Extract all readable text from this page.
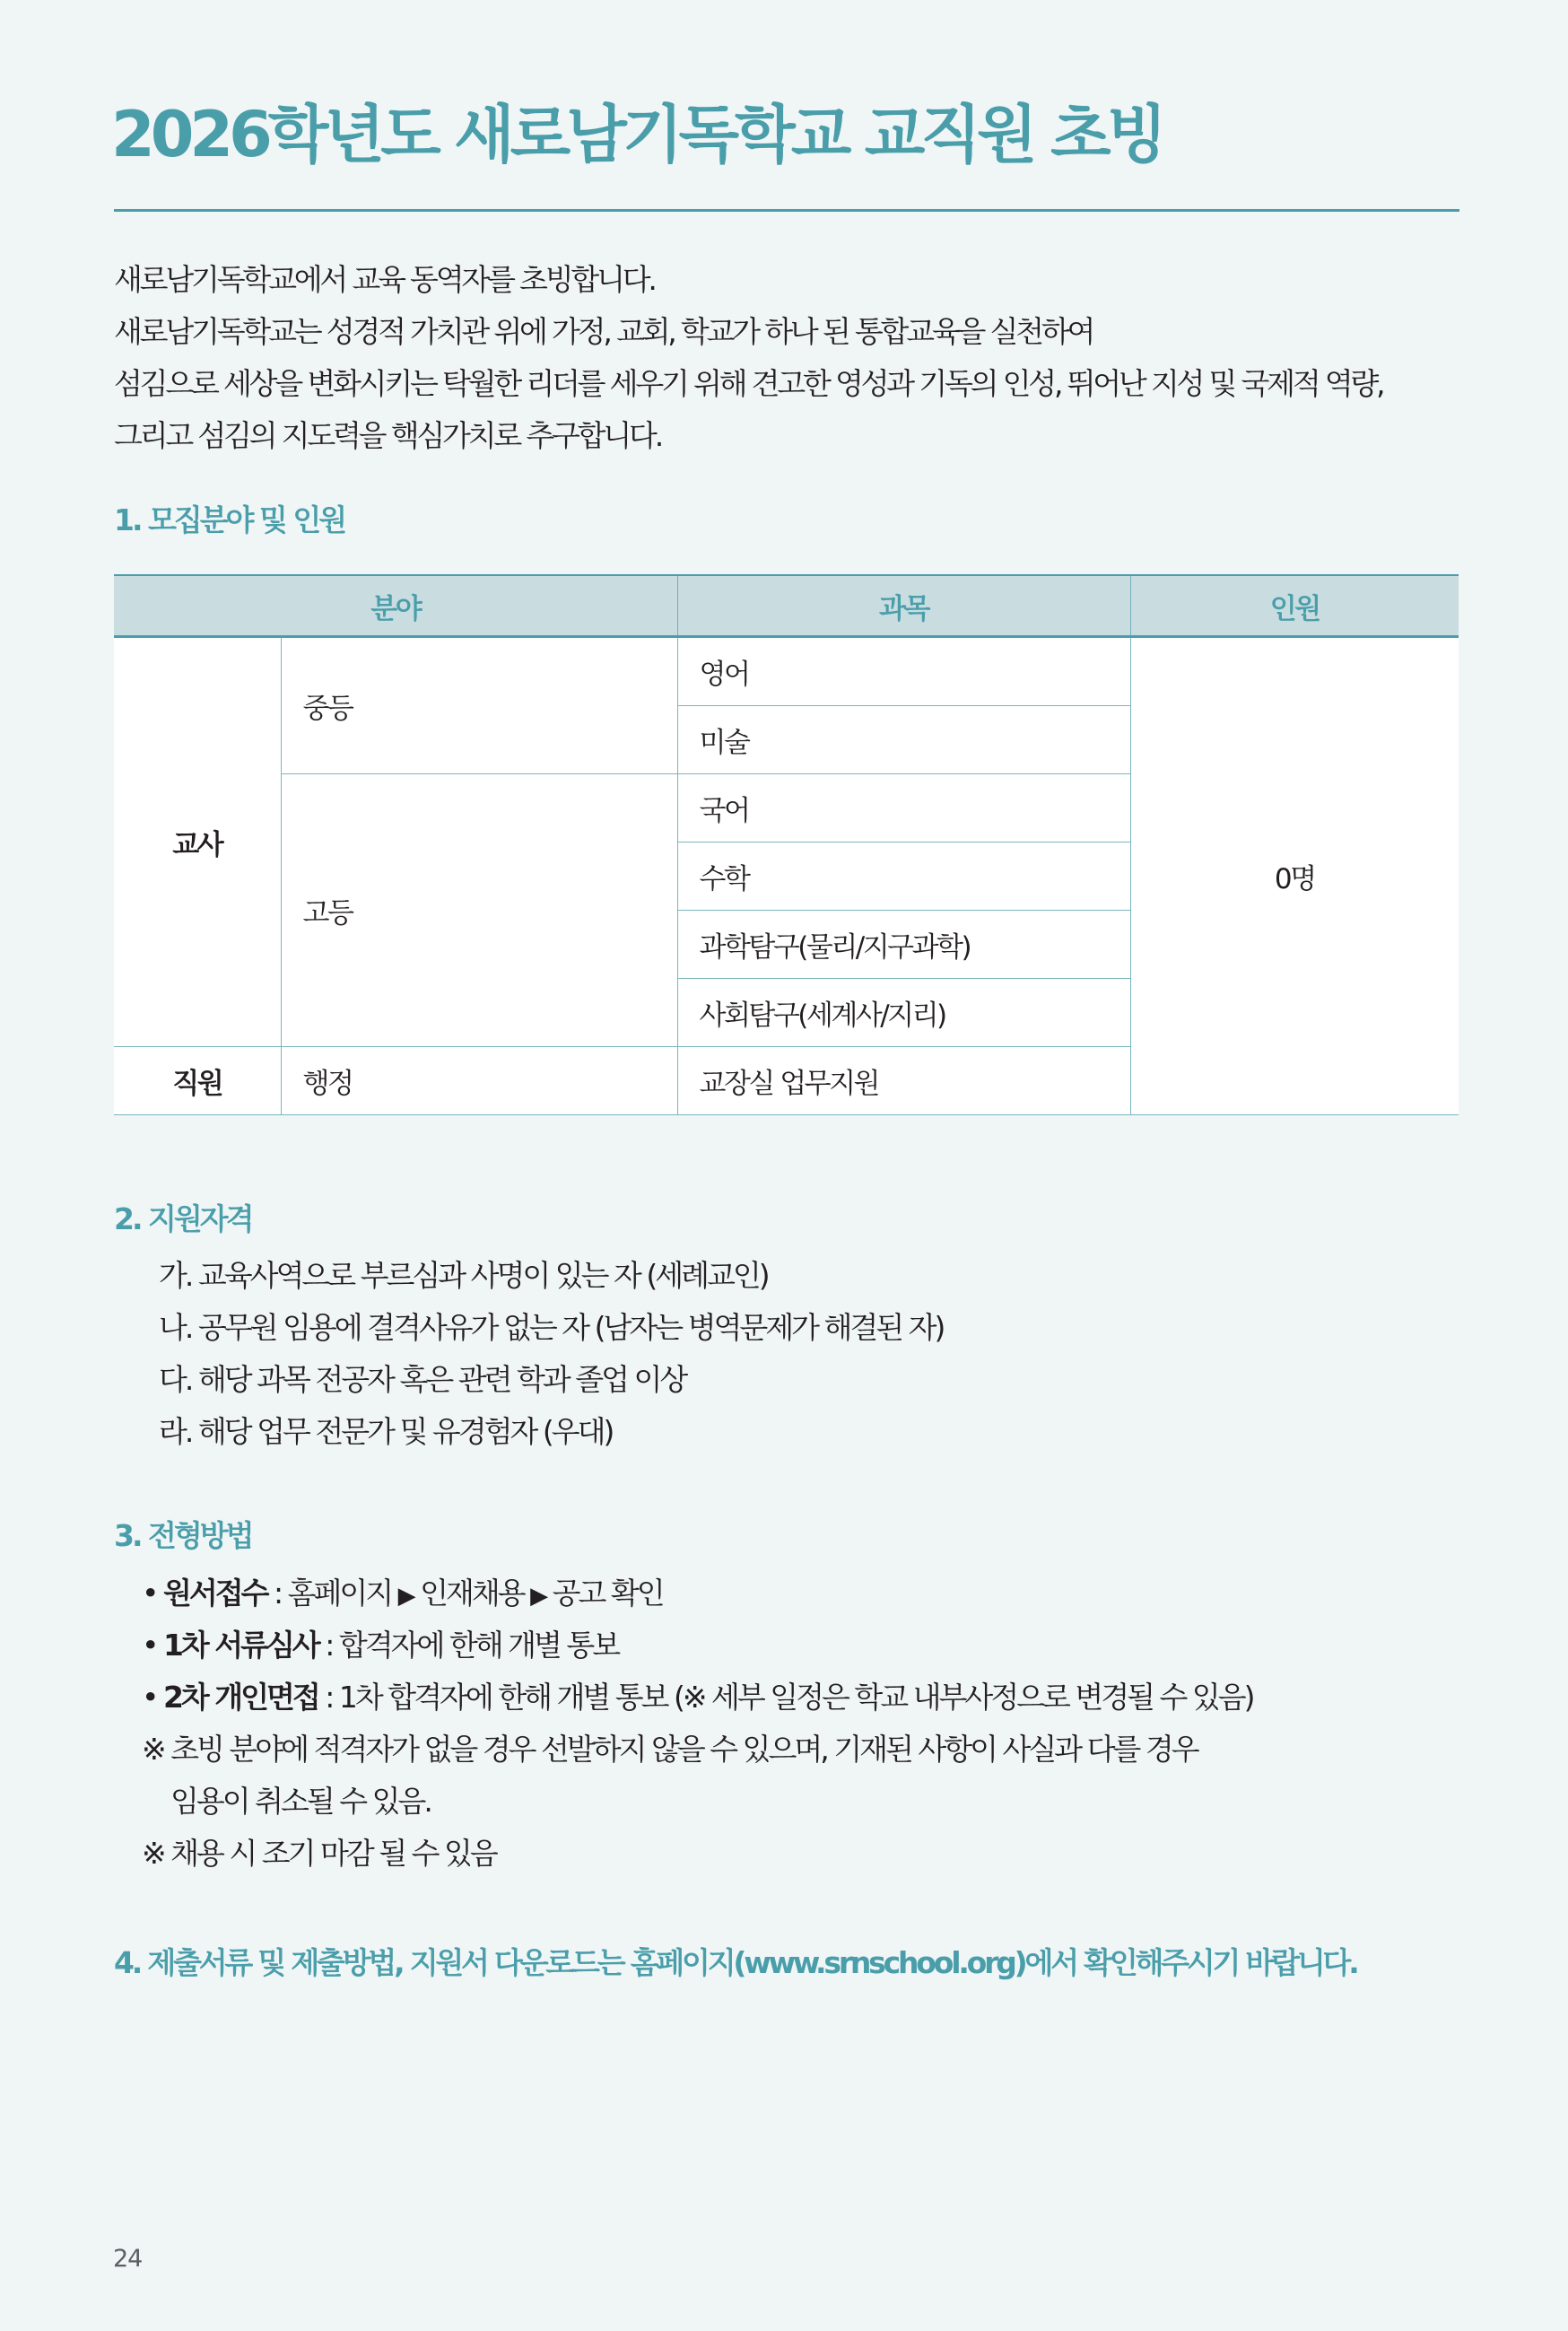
2026학년도 새로남기독학교 교직원 초빙
새로남기독학교에서 교육 동역자를 초빙합니다.
새로남기독학교는 성경적 가치관 위에 가정, 교회, 학교가 하나 된 통합교육을 실천하여
섬김으로 세상을 변화시키는 탁월한 리더를 세우기 위해 견고한 영성과 기독의 인성, 뛰어난 지성 및 국제적 역량,
그리고 섬김의 지도력을 핵심가치로 추구합니다.
1. 모집분야 및 인원
분야		과목	인원
교사	중등	영어	0명
		미술	
	고등	국어	
		수학	
		과학탐구(물리/지구과학)	
		사회탐구(세계사/지리)	
직원	행정	교장실 업무지원	
2. 지원자격
가. 교육사역으로 부르심과 사명이 있는 자 (세례교인)
나. 공무원 임용에 결격사유가 없는 자 (남자는 병역문제가 해결된 자)
다. 해당 과목 전공자 혹은 관련 학과 졸업 이상
라. 해당 업무 전문가 및 유경험자 (우대)
3. 전형방법
• 원서접수 : 홈페이지 ▶ 인재채용 ▶ 공고 확인
• 1차 서류심사 : 합격자에 한해 개별 통보
• 2차 개인면접 : 1차 합격자에 한해 개별 통보 (※ 세부 일정은 학교 내부사정으로 변경될 수 있음)
※ 초빙 분야에 적격자가 없을 경우 선발하지 않을 수 있으며, 기재된 사항이 사실과 다를 경우
임용이 취소될 수 있음.
※ 채용 시 조기 마감 될 수 있음
4. 제출서류 및 제출방법, 지원서 다운로드는 홈페이지(www.srnschool.org)에서 확인해주시기 바랍니다.
24
